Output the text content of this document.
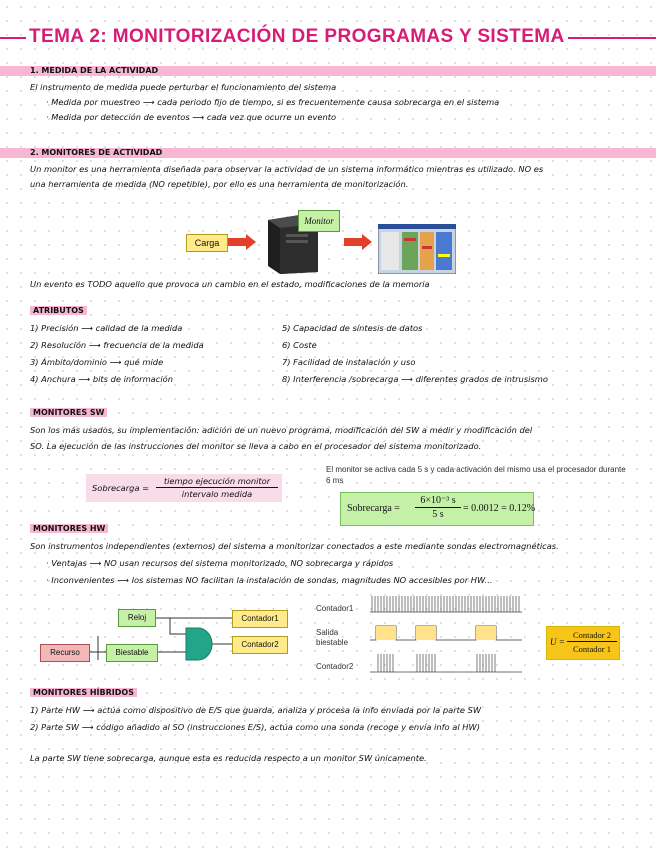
TEMA 2: MONITORIZACIÓN DE PROGRAMAS Y SISTEMA
1. MEDIDA DE LA ACTIVIDAD
El instrumento de medida puede perturbar el funcionamiento del sistema
· Medida por muestreo ⟶ cada periodo fijo de tiempo, si es frecuentemente causa sobrecarga en el sistema
· Medida por detección de eventos ⟶ cada vez que ocurre un evento
2. MONITORES DE ACTIVIDAD
Un monitor es una herramienta diseñada para observar la actividad de un sistema informático mientras es utilizado. NO es
una herramienta de medida (NO repetible), por ello es una herramienta de monitorización.
Carga
Monitor
Un evento es TODO aquello que provoca un cambio en el estado, modificaciones de la memoria
ATRIBUTOS
1) Precisión ⟶ calidad de la medida
2) Resolución ⟶ frecuencia de la medida
3) Ámbito/dominio ⟶ qué mide
4) Anchura ⟶ bits de información
5) Capacidad de síntesis de datos
6) Coste
7) Facilidad de instalación y uso
8) Interferencia /sobrecarga ⟶ diferentes grados de intrusismo
MONITORES SW
Son los más usados, su implementación: adición de un nuevo programa, modificación del SW a medir y modificación del
SO. La ejecución de las instrucciones del monitor se lleva a cabo en el procesador del sistema monitorizado.
Sobrecarga =
tiempo ejecución monitor
intervalo medida
El monitor se activa cada 5 s y cada activación del mismo usa el procesador durante 6 ms
Sobrecarga =
6×10⁻³ s
5 s
= 0.0012 = 0.12%
MONITORES HW
Son instrumentos independientes (externos) del sistema a monitorizar conectados a este mediante sondas electromagnéticas.
· Ventajas ⟶ NO usan recursos del sistema monitorizado, NO sobrecarga y rápidos
· Inconvenientes ⟶ los sistemas NO facilitan la instalación de sondas, magnitudes NO accesibles por HW...
Reloj
Recurso	Biestable
Contador1
Contador2
Contador1
Salida
biestable
Contador2
U =
Contador 2
Contador 1
MONITORES HÍBRIDOS
1) Parte HW ⟶ actúa como dispositivo de E/S que guarda, analiza y procesa la info enviada por la parte SW
2) Parte SW ⟶ código añadido al SO (instrucciones E/S), actúa como una sonda (recoge y envía info al HW)
La parte SW tiene sobrecarga, aunque esta es reducida respecto a un monitor SW únicamente.
